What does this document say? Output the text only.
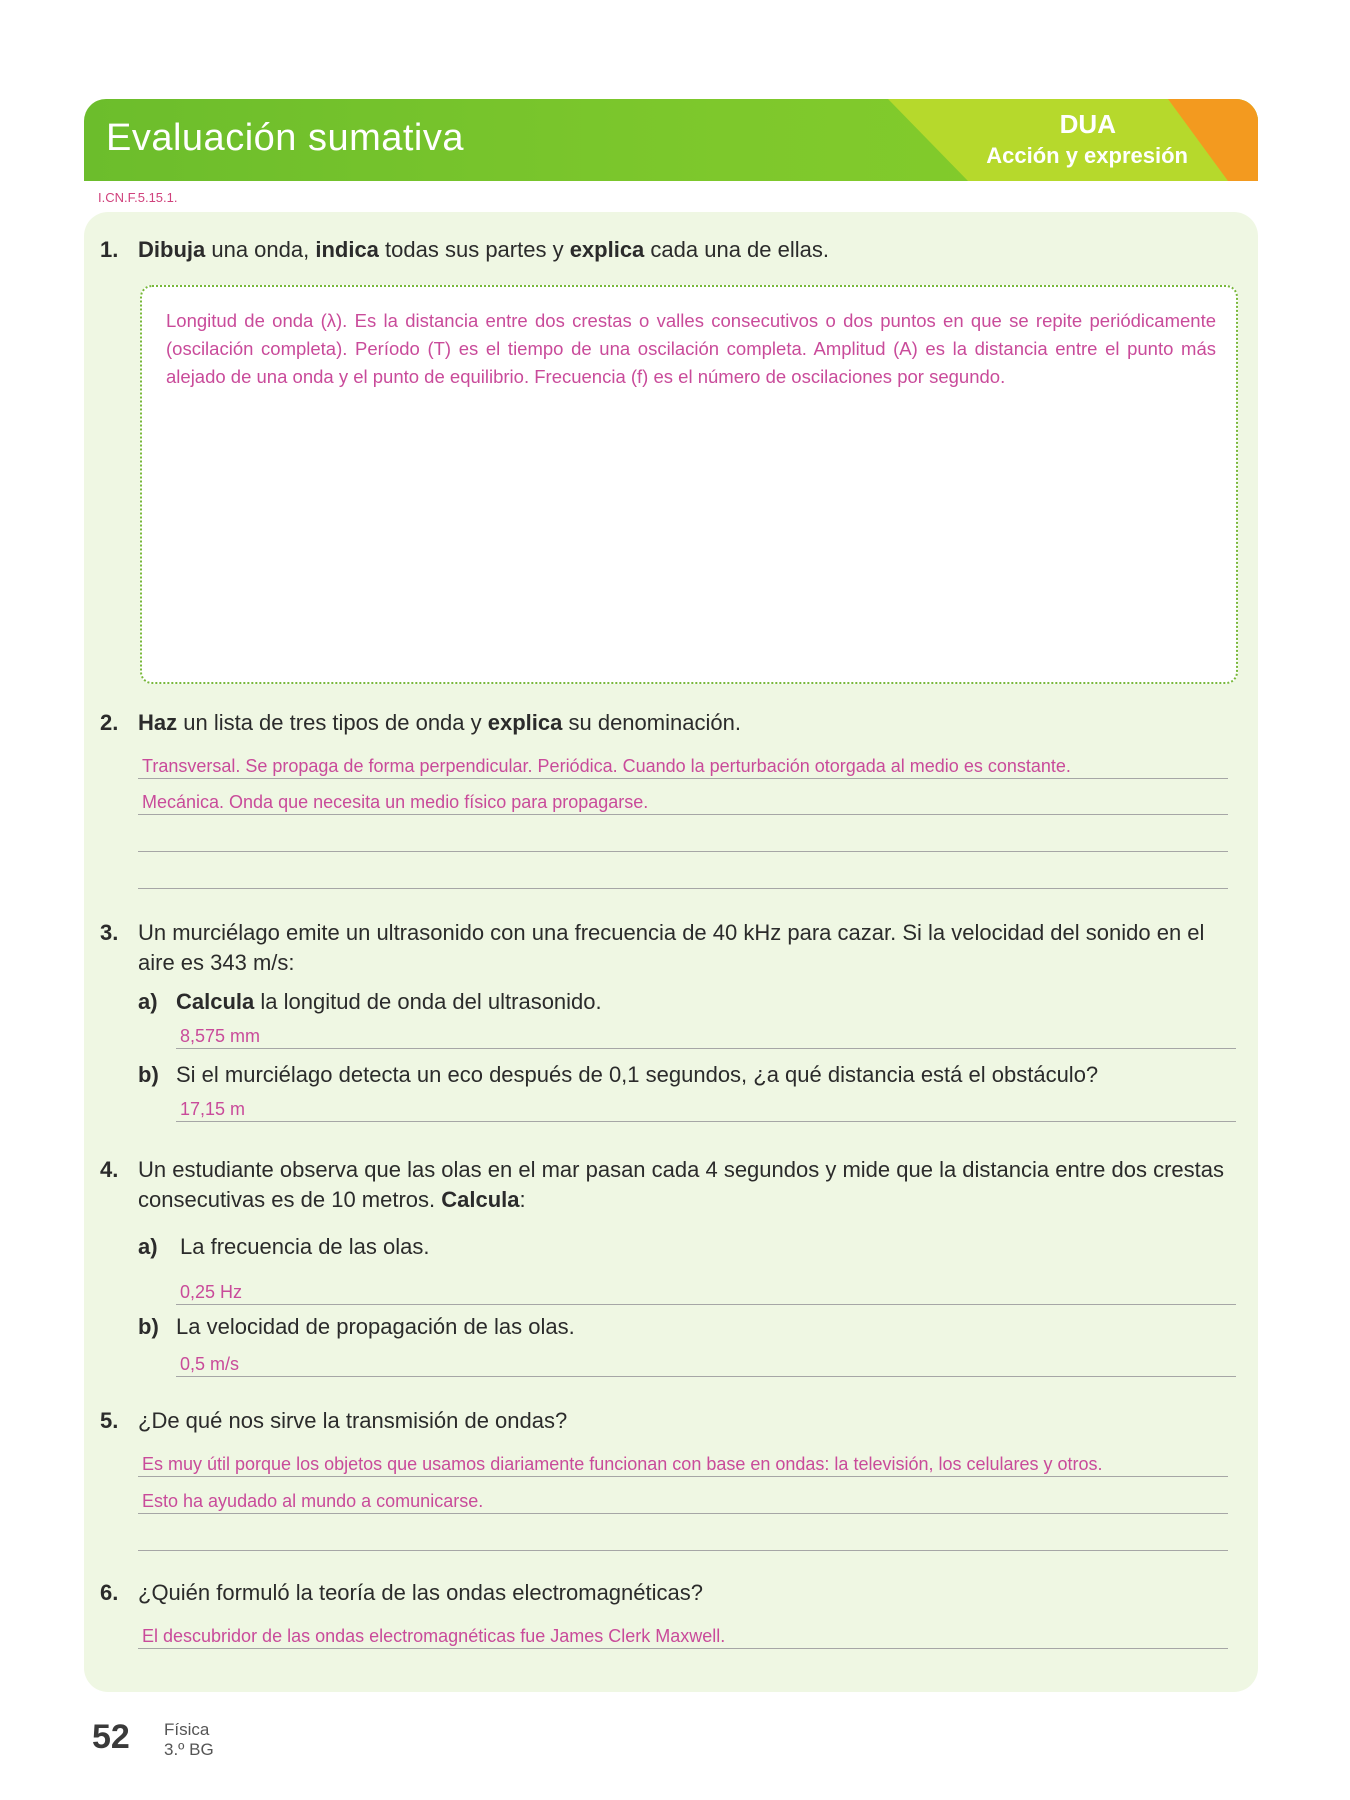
Evaluación sumativa	DUA
Acción y expresión
I.CN.F.5.15.1.
1. Dibuja una onda, indica todas sus partes y explica cada una de ellas.
Longitud de onda (λ). Es la distancia entre dos crestas o valles consecutivos o dos puntos en que se repite periódicamente (oscilación completa). Período (T) es el tiempo de una oscilación completa. Amplitud (A) es la distancia entre el punto más alejado de una onda y el punto de equilibrio. Frecuencia (f) es el número de oscilaciones por segundo.
2. Haz un lista de tres tipos de onda y explica su denominación.
Transversal. Se propaga de forma perpendicular. Periódica. Cuando la perturbación otorgada al medio es constante.
Mecánica. Onda que necesita un medio físico para propagarse.
3. Un murciélago emite un ultrasonido con una frecuencia de 40 kHz para cazar. Si la velocidad del sonido en el
aire es 343 m/s:
a) Calcula la longitud de onda del ultrasonido.
8,575 mm
b) Si el murciélago detecta un eco después de 0,1 segundos, ¿a qué distancia está el obstáculo?
17,15 m
4. Un estudiante observa que las olas en el mar pasan cada 4 segundos y mide que la distancia entre dos crestas
consecutivas es de 10 metros. Calcula:
a) La frecuencia de las olas.
0,25 Hz
b) La velocidad de propagación de las olas.
0,5 m/s
5. ¿De qué nos sirve la transmisión de ondas?
Es muy útil porque los objetos que usamos diariamente funcionan con base en ondas: la televisión, los celulares y otros.
Esto ha ayudado al mundo a comunicarse.
6. ¿Quién formuló la teoría de las ondas electromagnéticas?
El descubridor de las ondas electromagnéticas fue James Clerk Maxwell.
52 Física
3.º BG
